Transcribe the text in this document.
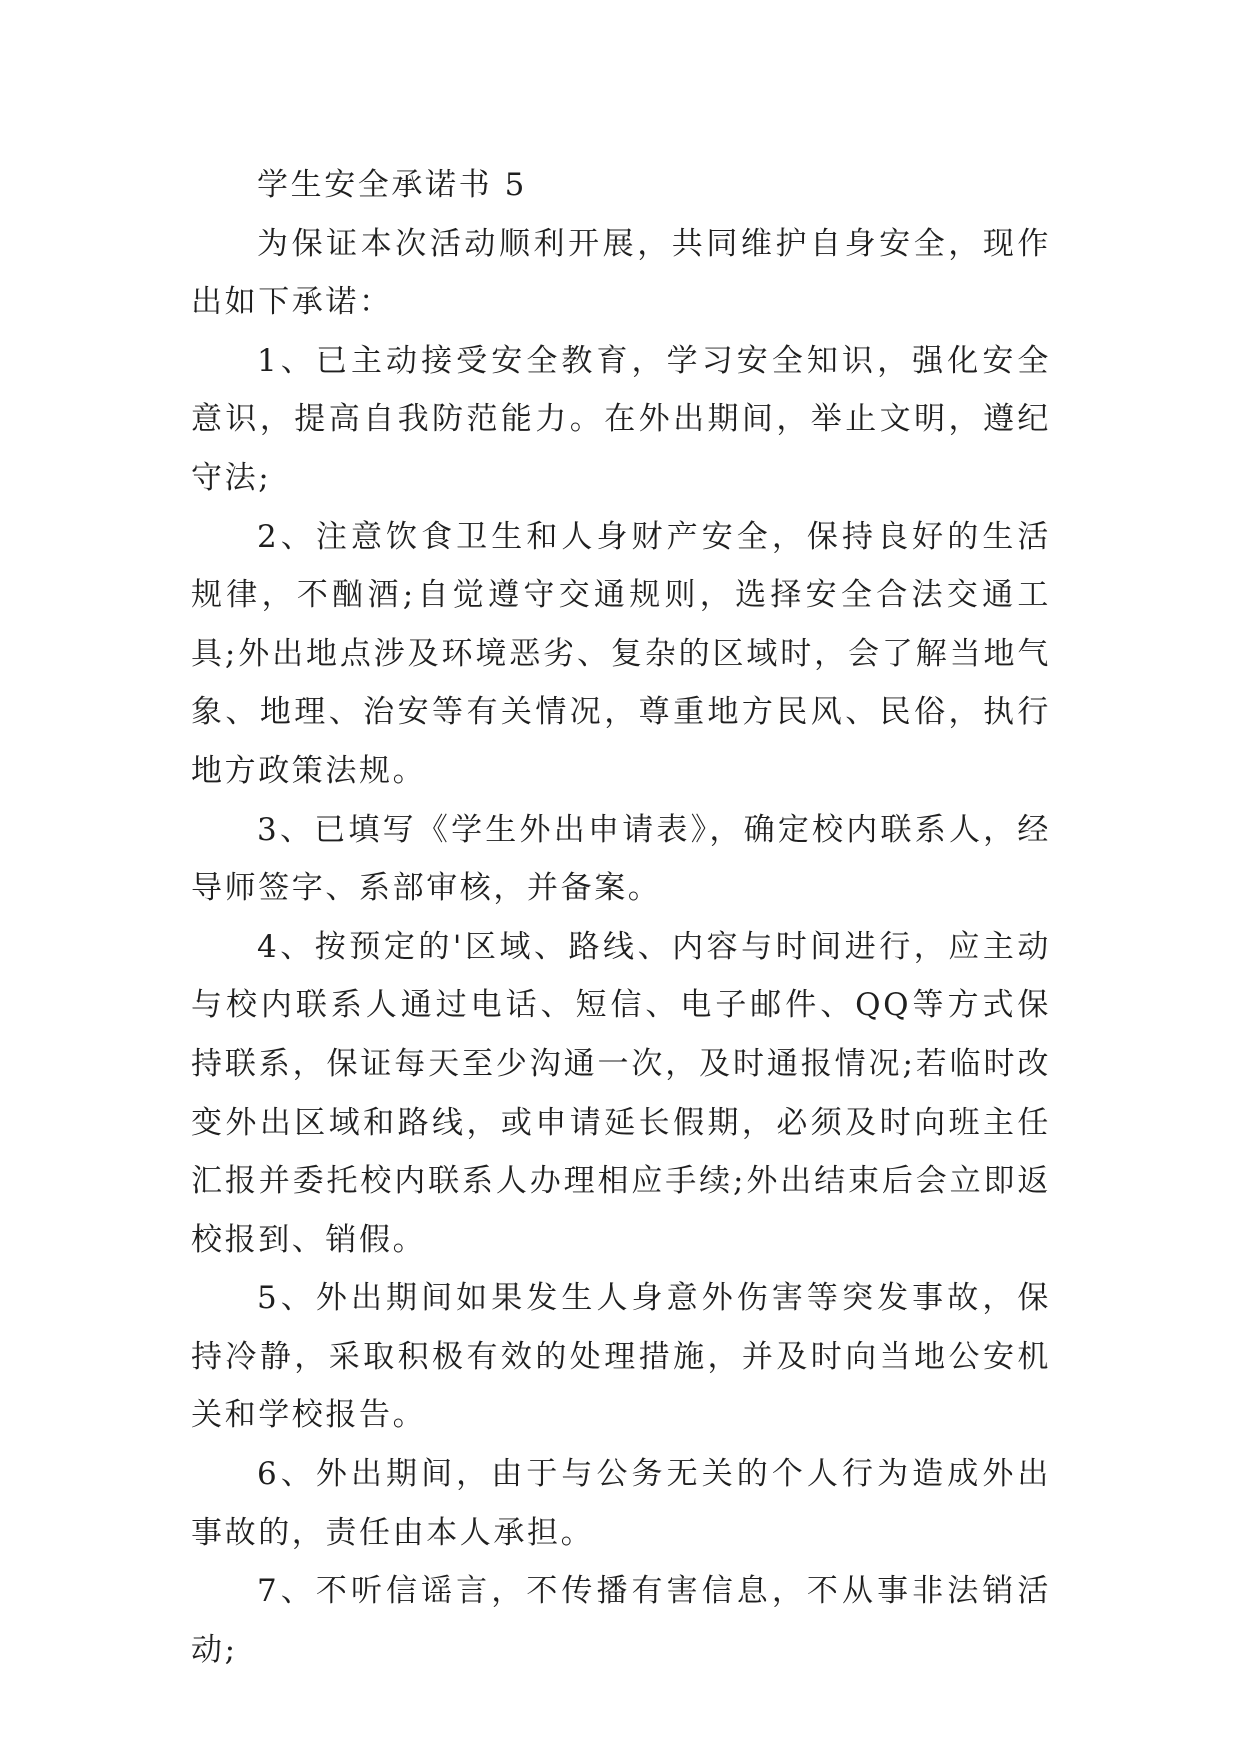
学生安全承诺书 5

为保证本次活动顺利开展，共同维护自身安全，现作出如下承诺：

1、已主动接受安全教育，学习安全知识，强化安全意识，提高自我防范能力。在外出期间，举止文明，遵纪守法;

2、注意饮食卫生和人身财产安全，保持良好的生活规律，不酗酒;自觉遵守交通规则，选择安全合法交通工具;外出地点涉及环境恶劣、复杂的区域时，会了解当地气象、地理、治安等有关情况，尊重地方民风、民俗，执行地方政策法规。

3、已填写《学生外出申请表》，确定校内联系人，经导师签字、系部审核，并备案。

4、按预定的'区域、路线、内容与时间进行，应主动与校内联系人通过电话、短信、电子邮件、QQ等方式保持联系，保证每天至少沟通一次，及时通报情况;若临时改变外出区域和路线，或申请延长假期，必须及时向班主任汇报并委托校内联系人办理相应手续;外出结束后会立即返校报到、销假。

5、外出期间如果发生人身意外伤害等突发事故，保持冷静，采取积极有效的处理措施，并及时向当地公安机关和学校报告。

6、外出期间，由于与公务无关的个人行为造成外出事故的，责任由本人承担。

7、不听信谣言，不传播有害信息，不从事非法销活动;
